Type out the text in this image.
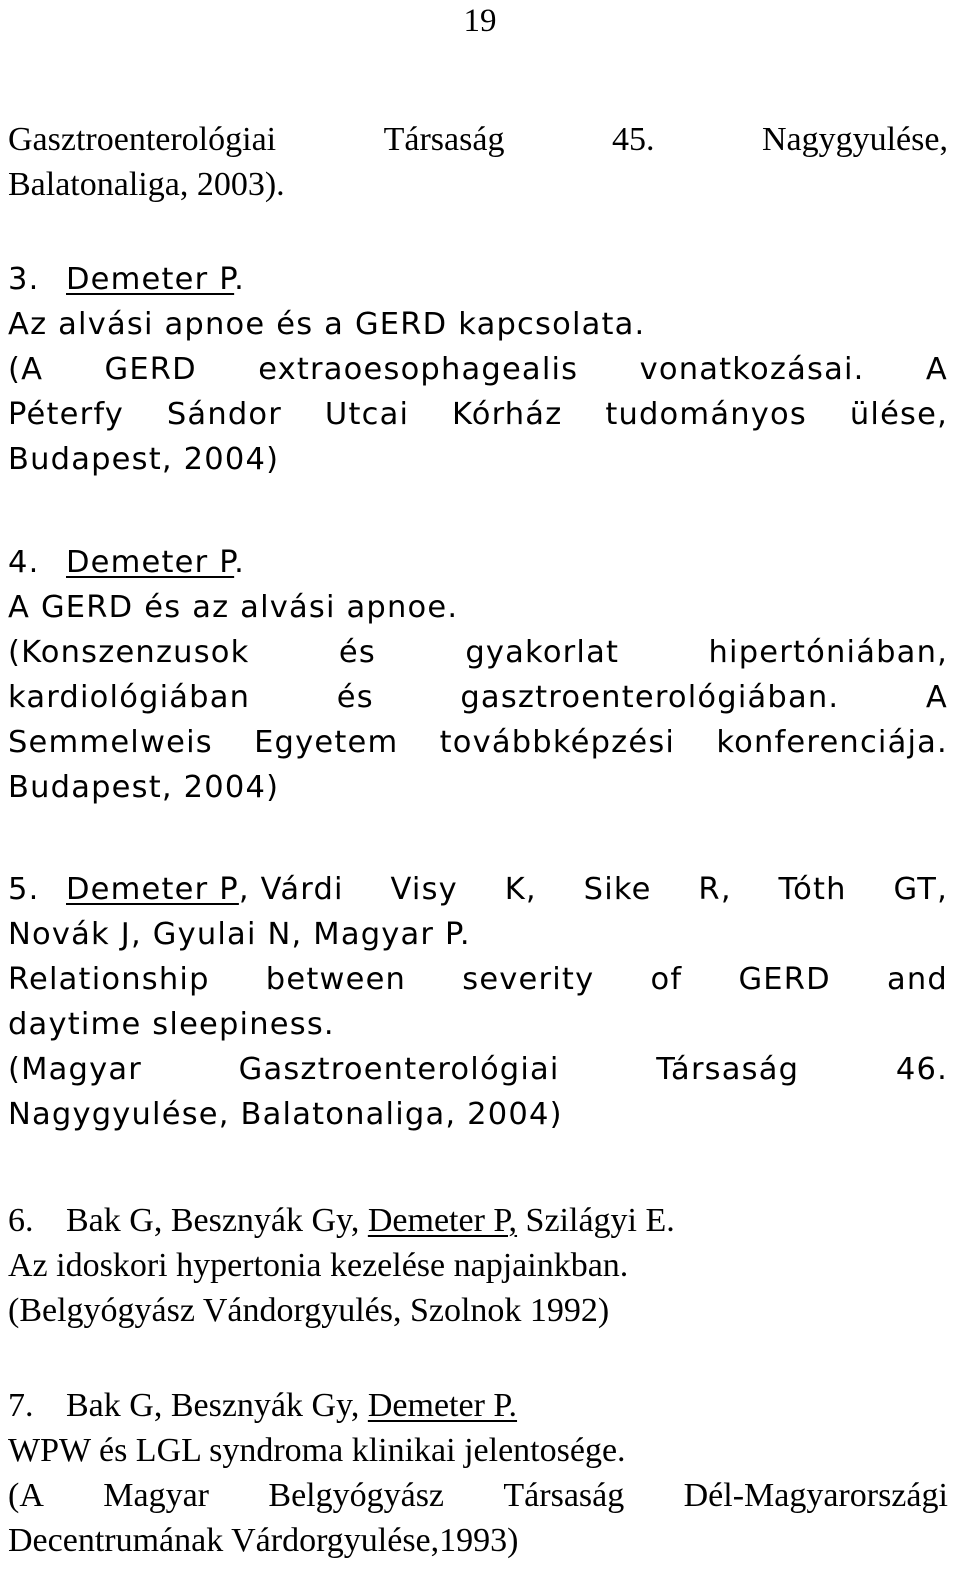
19
Gasztroenterológiai	Társaság	45.	Nagygyulése,
Balatonaliga, 2003).
3. Demeter P.
Az alvási apnoe és a GERD kapcsolata.
(A GERD extraoesophagealis vonatkozásai. A
Péterfy Sándor Utcai Kórház tudományos ülése,
Budapest, 2004)
4. Demeter P.
A GERD és az alvási apnoe.
(Konszenzusok	és	gyakorlat	hipertóniában,
kardiológiában	és	gasztroenterológiában.	A
Semmelweis Egyetem továbbképzési konferenciája.
Budapest, 2004)
5. Demeter P, Várdi Visy K, Sike R, Tóth GT,
Novák J, Gyulai N, Magyar P.
Relationship between severity of GERD and
daytime sleepiness.
(Magyar	Gasztroenterológiai	Társaság	46.
Nagygyulése, Balatonaliga, 2004)
6. Bak G, Besznyák Gy, Demeter P, Szilágyi E.
Az idoskori hypertonia kezelése napjainkban.
(Belgyógyász Vándorgyulés, Szolnok 1992)
7. Bak G, Besznyák Gy, Demeter P.
WPW és LGL syndroma klinikai jelentosége.
(A Magyar Belgyógyász Társaság Dél-Magyarországi
Decentrumának Várdorgyulése,1993)
